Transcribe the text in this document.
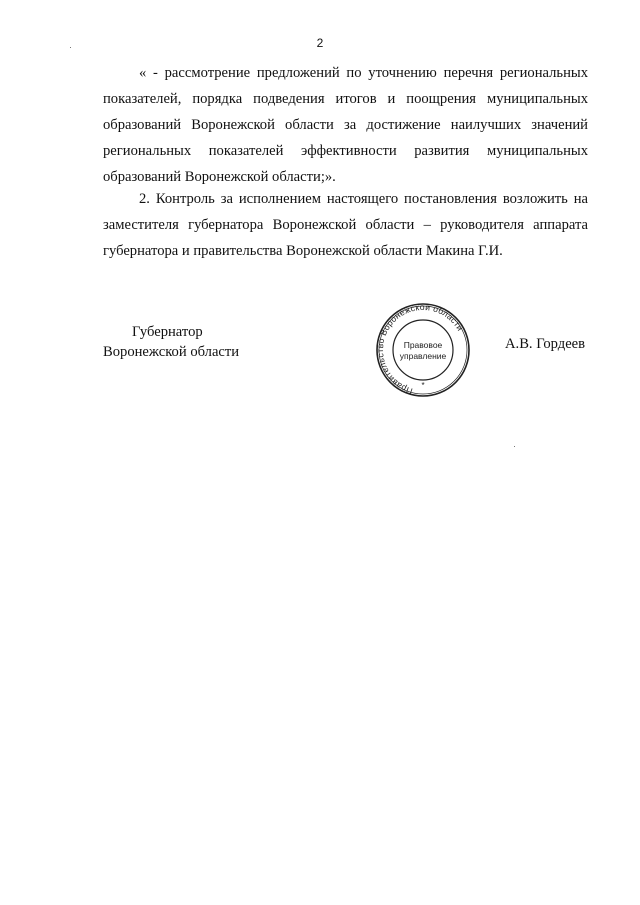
2
« - рассмотрение предложений по уточнению перечня региональных
показателей, порядка подведения итогов и поощрения муниципальных
образований Воронежской области за достижение наилучших значений
региональных показателей эффективности развития муниципальных
образований Воронежской области;».
2. Контроль за исполнением настоящего постановления возложить на
заместителя губернатора Воронежской области – руководителя аппарата
губернатора и правительства Воронежской области Макина Г.И.
Губернатор
Воронежской области
Правительство Воронежской области
Правовое
управление
*
А.В. Гордеев
